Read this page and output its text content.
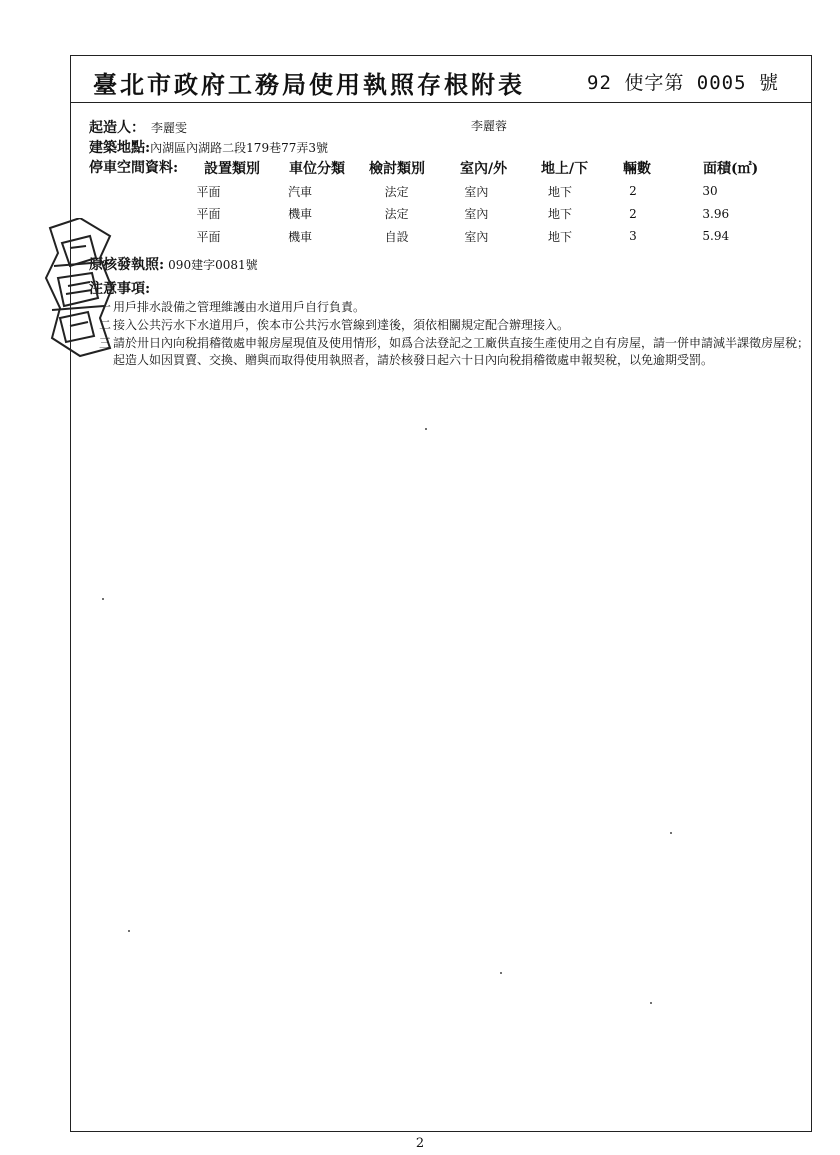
臺北市政府工務局使用執照存根附表	92 使字第 0005 號
起造人： 李麗雯	李麗蓉
建築地點:內湖區內湖路二段179巷77弄3號
停車空間資料: 設置類別 車位分類 檢討類別	室內/外 地上/下 輛數	面積(㎡)
平面	汽車	法定	室內	地下	2	30
平面	機車	法定	室內	地下	2	3.96
平面	機車	自設	室內	地下	3	5.94
原核發執照: 090建字0081號
注意事項:
一 用戶排水設備之管理維護由水道用戶自行負責。
二 接入公共污水下水道用戶，俟本市公共污水管線到達後，須依相關規定配合辦理接入。
三 請於卅日內向稅捐稽徵處申報房屋現值及使用情形，如爲合法登記之工廠供直接生產使用之自有房屋，請一併申請減半課徵房屋稅；起造人如因買賣、交換、贈與而取得使用執照者，請於核發日起六十日內向稅捐稽徵處申報契稅，以免逾期受罰。
2
